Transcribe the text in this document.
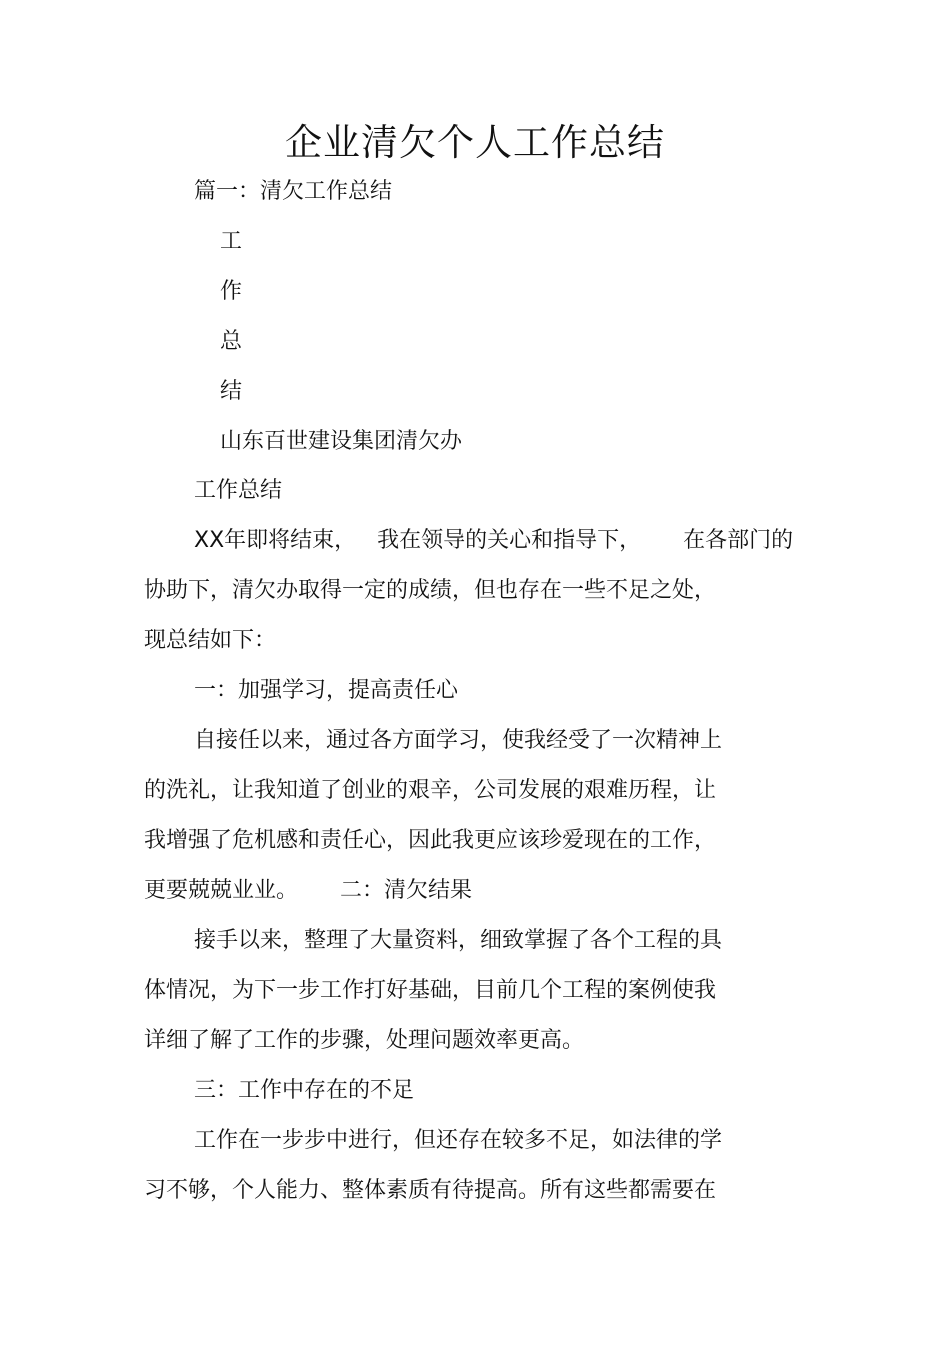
企业清欠个人工作总结
篇一：清欠工作总结
工
作
总
结
山东百世建设集团清欠办
工作总结
XX年即将结束，   我在领导的关心和指导下，      在各部门的
协助下，清欠办取得一定的成绩，但也存在一些不足之处，
现总结如下：
一：加强学习，提高责任心
自接任以来，通过各方面学习，使我经受了一次精神上
的洗礼，让我知道了创业的艰辛，公司发展的艰难历程，让
我增强了危机感和责任心，因此我更应该珍爱现在的工作，
更要兢兢业业。      二：清欠结果
接手以来，整理了大量资料，细致掌握了各个工程的具
体情况，为下一步工作打好基础，目前几个工程的案例使我
详细了解了工作的步骤，处理问题效率更高。
三：工作中存在的不足
工作在一步步中进行，但还存在较多不足，如法律的学
习不够，个人能力、整体素质有待提高。所有这些都需要在
